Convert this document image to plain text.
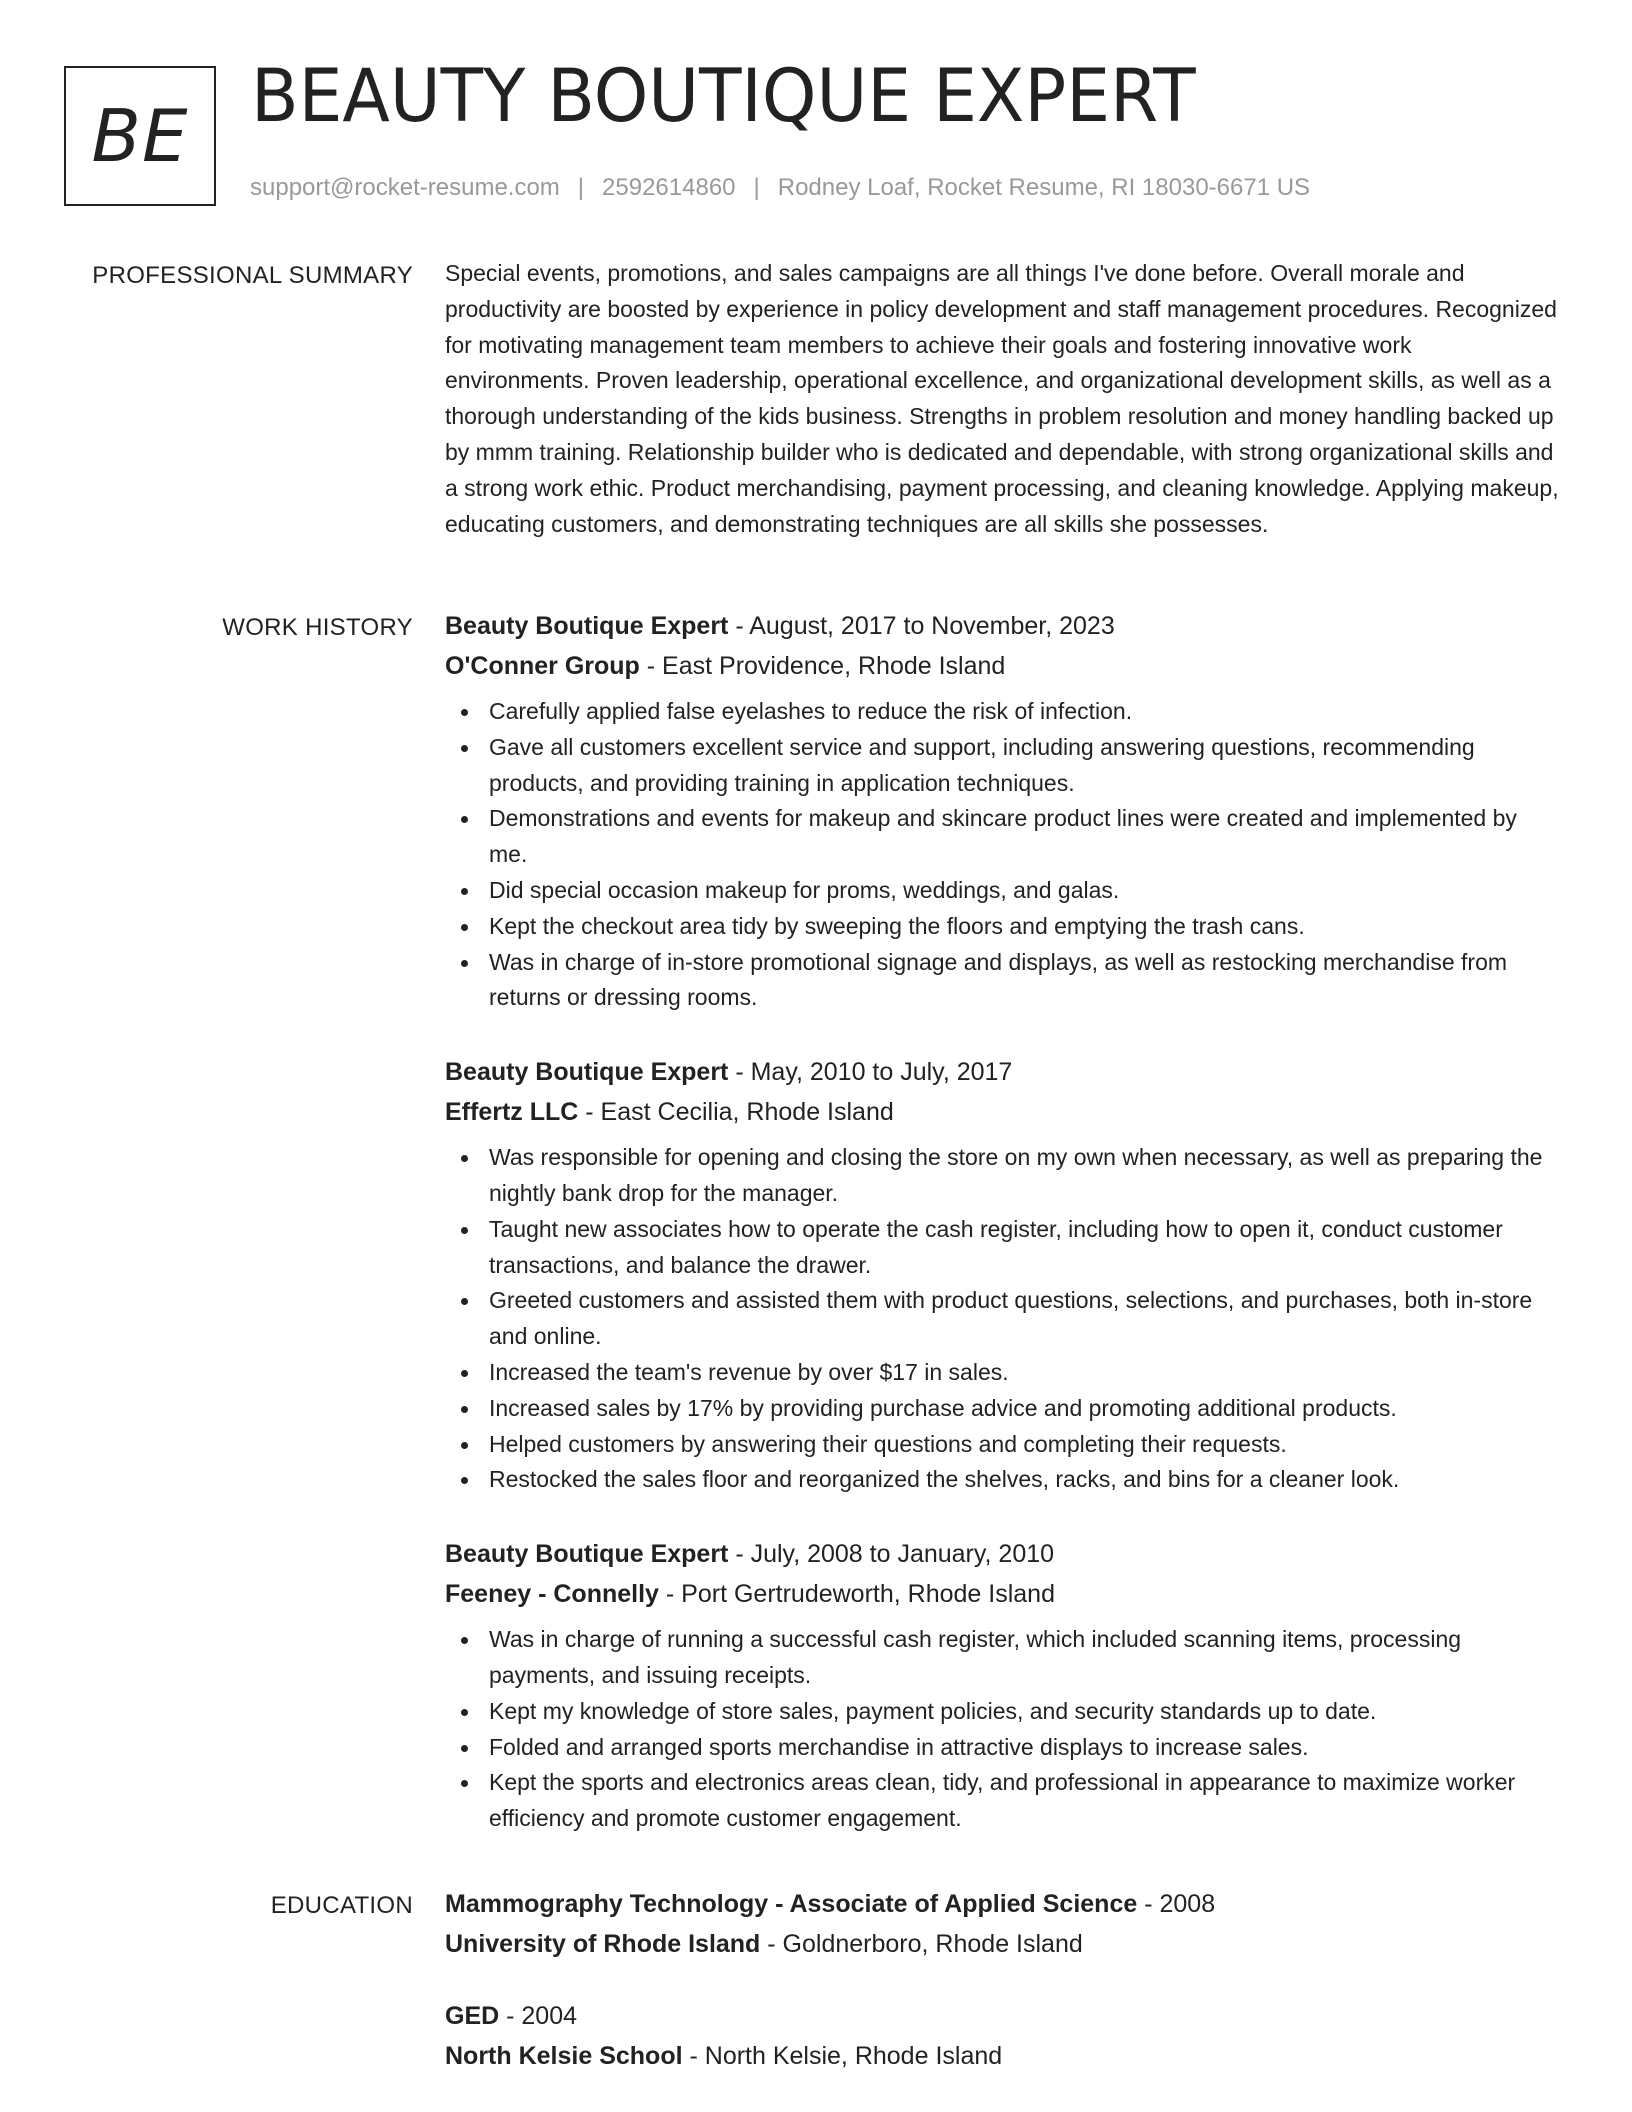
BE BEAUTY BOUTIQUE EXPERT
support@rocket-resume.com | 2592614860 | Rodney Loaf, Rocket Resume, RI 18030-6671 US
PROFESSIONAL SUMMARY Special events, promotions, and sales campaigns are all things I've done before. Overall morale and productivity are boosted by experience in policy development and staff management procedures. Recognized for motivating management team members to achieve their goals and fostering innovative work environments. Proven leadership, operational excellence, and organizational development skills, as well as a thorough understanding of the kids business. Strengths in problem resolution and money handling backed up by mmm training. Relationship builder who is dedicated and dependable, with strong organizational skills and a strong work ethic. Product merchandising, payment processing, and cleaning knowledge. Applying makeup, educating customers, and demonstrating techniques are all skills she possesses.

WORK HISTORY Beauty Boutique Expert - August, 2017 to November, 2023
O'Conner Group - East Providence, Rhode Island
Carefully applied false eyelashes to reduce the risk of infection.
Gave all customers excellent service and support, including answering questions, recommending products, and providing training in application techniques.
Demonstrations and events for makeup and skincare product lines were created and implemented by me.
Did special occasion makeup for proms, weddings, and galas.
Kept the checkout area tidy by sweeping the floors and emptying the trash cans.
Was in charge of in-store promotional signage and displays, as well as restocking merchandise from returns or dressing rooms.
Beauty Boutique Expert - May, 2010 to July, 2017
Effertz LLC - East Cecilia, Rhode Island
Was responsible for opening and closing the store on my own when necessary, as well as preparing the nightly bank drop for the manager.
Taught new associates how to operate the cash register, including how to open it, conduct customer transactions, and balance the drawer.
Greeted customers and assisted them with product questions, selections, and purchases, both in-store and online.
Increased the team's revenue by over $17 in sales.
Increased sales by 17% by providing purchase advice and promoting additional products.
Helped customers by answering their questions and completing their requests.
Restocked the sales floor and reorganized the shelves, racks, and bins for a cleaner look.
Beauty Boutique Expert - July, 2008 to January, 2010
Feeney - Connelly - Port Gertrudeworth, Rhode Island
Was in charge of running a successful cash register, which included scanning items, processing payments, and issuing receipts.
Kept my knowledge of store sales, payment policies, and security standards up to date.
Folded and arranged sports merchandise in attractive displays to increase sales.
Kept the sports and electronics areas clean, tidy, and professional in appearance to maximize worker efficiency and promote customer engagement.
EDUCATION Mammography Technology - Associate of Applied Science - 2008
University of Rhode Island - Goldnerboro, Rhode Island
GED - 2004
North Kelsie School - North Kelsie, Rhode Island
